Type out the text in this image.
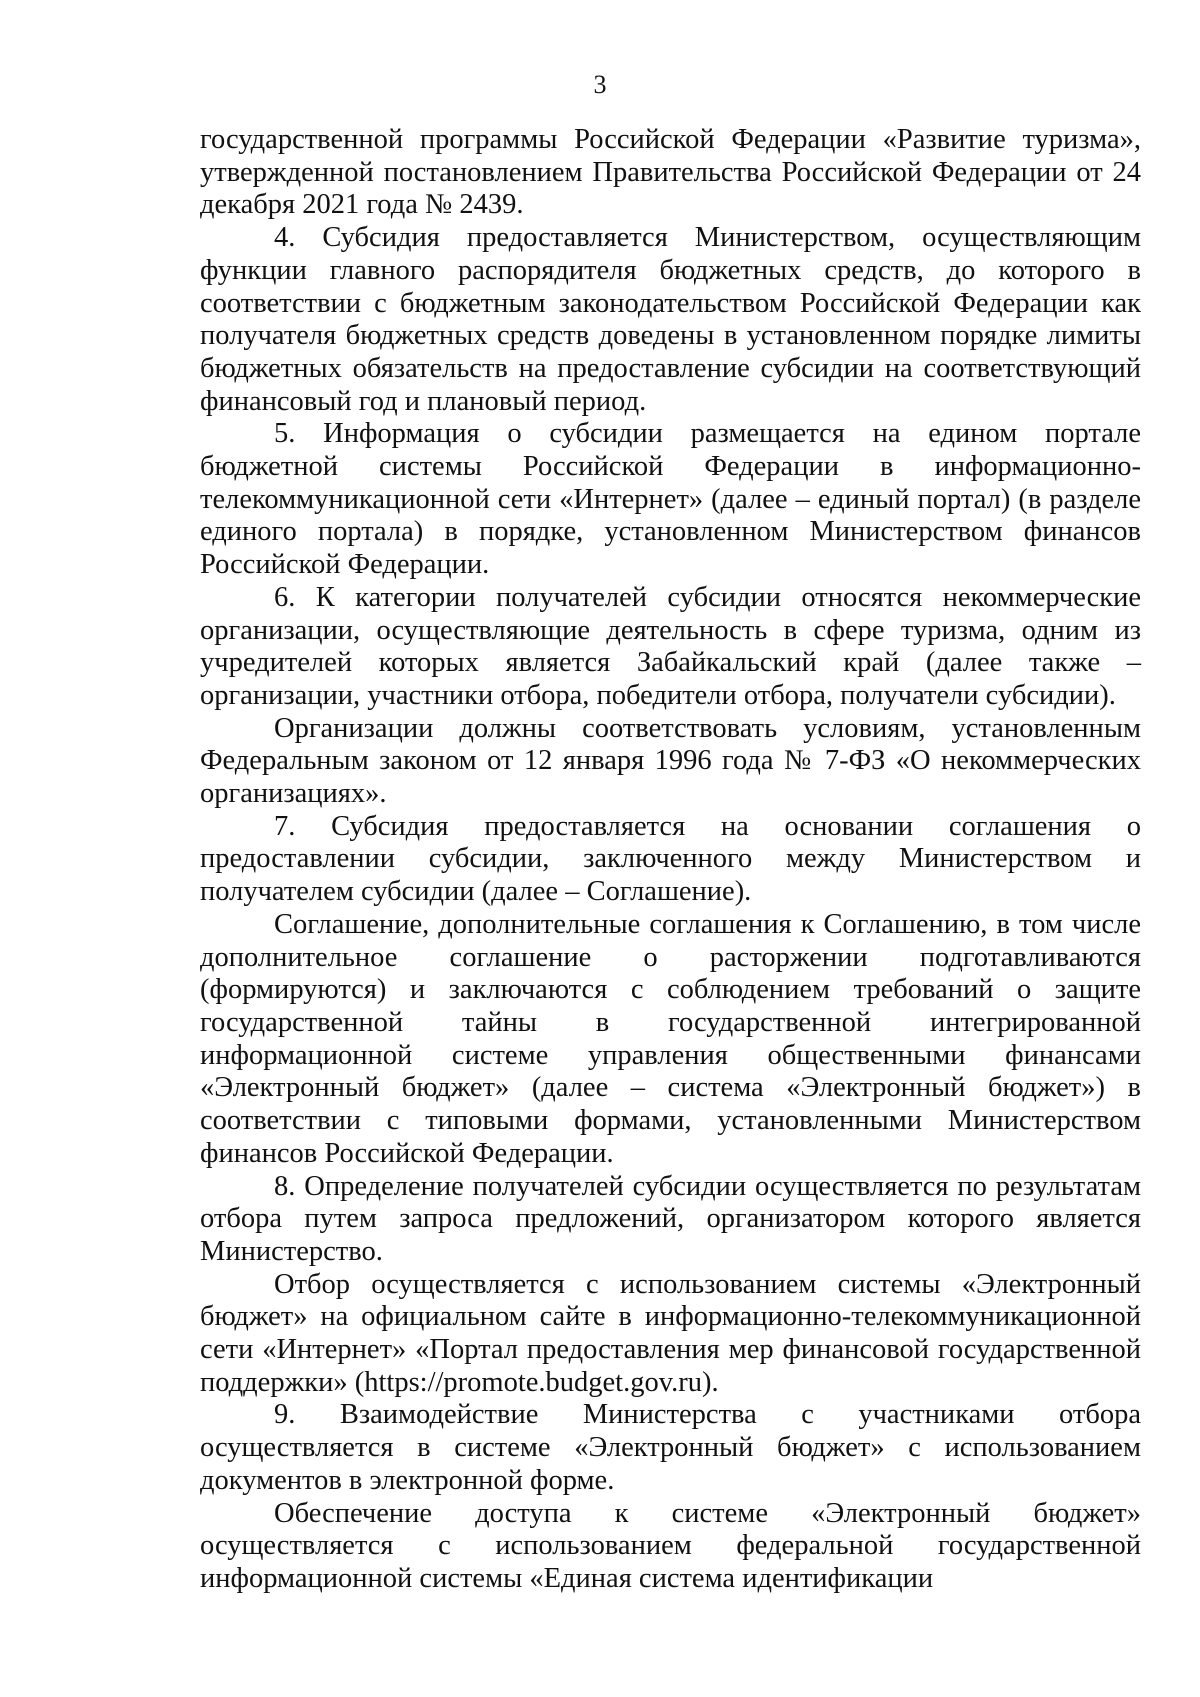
3

государственной программы Российской Федерации «Развитие туризма», утвержденной постановлением Правительства Российской Федерации от 24 декабря 2021 года № 2439.

4. Субсидия предоставляется Министерством, осуществляющим функции главного распорядителя бюджетных средств, до которого в соответствии с бюджетным законодательством Российской Федерации как получателя бюджетных средств доведены в установленном порядке лимиты бюджетных обязательств на предоставление субсидии на соответствующий финансовый год и плановый период.

5. Информация о субсидии размещается на едином портале бюджетной системы Российской Федерации в информационно-телекоммуникационной сети «Интернет» (далее – единый портал) (в разделе единого портала) в порядке, установленном Министерством финансов Российской Федерации.

6. К категории получателей субсидии относятся некоммерческие организации, осуществляющие деятельность в сфере туризма, одним из учредителей которых является Забайкальский край (далее также – организации, участники отбора, победители отбора, получатели субсидии).

Организации должны соответствовать условиям, установленным Федеральным законом от 12 января 1996 года № 7-ФЗ «О некоммерческих организациях».

7. Субсидия предоставляется на основании соглашения о предоставлении субсидии, заключенного между Министерством и получателем субсидии (далее – Соглашение).

Соглашение, дополнительные соглашения к Соглашению, в том числе дополнительное соглашение о расторжении подготавливаются (формируются) и заключаются с соблюдением требований о защите государственной тайны в государственной интегрированной информационной системе управления общественными финансами «Электронный бюджет» (далее – система «Электронный бюджет») в соответствии с типовыми формами, установленными Министерством финансов Российской Федерации.

8. Определение получателей субсидии осуществляется по результатам отбора путем запроса предложений, организатором которого является Министерство.

Отбор осуществляется с использованием системы «Электронный бюджет» на официальном сайте в информационно-телекоммуникационной сети «Интернет» «Портал предоставления мер финансовой государственной поддержки» (https://promote.budget.gov.ru).

9. Взаимодействие Министерства с участниками отбора осуществляется в системе «Электронный бюджет» с использованием документов в электронной форме.

Обеспечение доступа к системе «Электронный бюджет» осуществляется с использованием федеральной государственной информационной системы «Единая система идентификации
